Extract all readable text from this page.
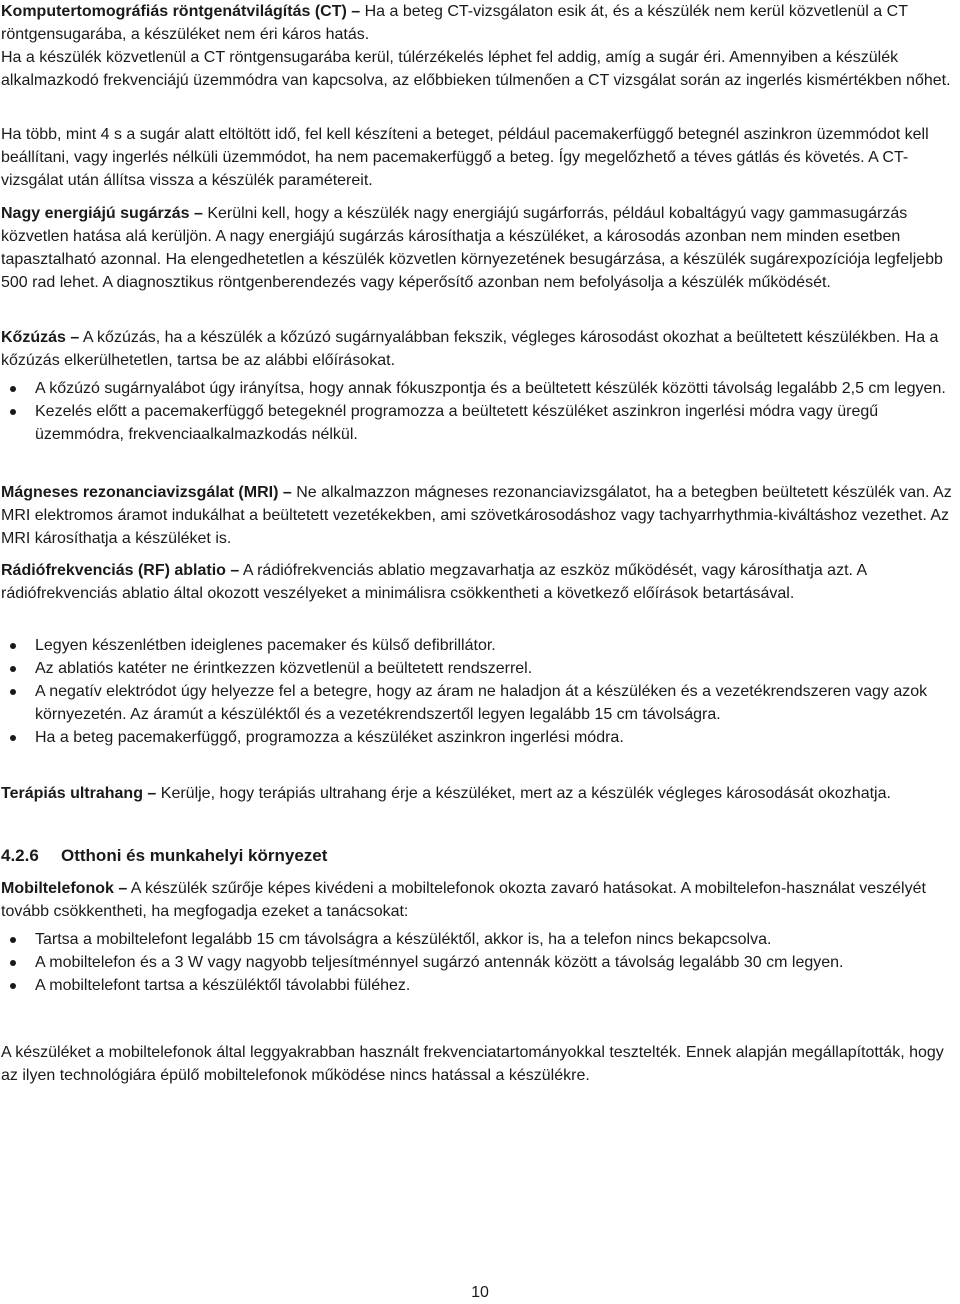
Komputertomográfiás röntgenátvilágítás (CT) – Ha a beteg CT-vizsgálaton esik át, és a készülék nem kerül közvetlenül a CT röntgensugarába, a készüléket nem éri káros hatás.

Ha a készülék közvetlenül a CT röntgensugarába kerül, túlérzékelés léphet fel addig, amíg a sugár éri. Amennyiben a készülék alkalmazkodó frekvenciájú üzemmódra van kapcsolva, az előbbieken túlmenően a CT vizsgálat során az ingerlés kismértékben nőhet.

Ha több, mint 4 s a sugár alatt eltöltött idő, fel kell készíteni a beteget, például pacemakerfüggő betegnél aszinkron üzemmódot kell beállítani, vagy ingerlés nélküli üzemmódot, ha nem pacemakerfüggő a beteg. Így megelőzhető a téves gátlás és követés. A CT-vizsgálat után állítsa vissza a készülék paramétereit.

Nagy energiájú sugárzás – Kerülni kell, hogy a készülék nagy energiájú sugárforrás, például kobaltágyú vagy gammasugárzás közvetlen hatása alá kerüljön. A nagy energiájú sugárzás károsíthatja a készüléket, a károsodás azonban nem minden esetben tapasztalható azonnal. Ha elengedhetetlen a készülék közvetlen környezetének besugárzása, a készülék sugárexpozíciója legfeljebb 500 rad lehet. A diagnosztikus röntgenberendezés vagy képerősítő azonban nem befolyásolja a készülék működését.

Kőzúzás – A kőzúzás, ha a készülék a kőzúzó sugárnyalábban fekszik, végleges károsodást okozhat a beültetett készülékben. Ha a kőzúzás elkerülhetetlen, tartsa be az alábbi előírásokat.

A kőzúzó sugárnyalábot úgy irányítsa, hogy annak fókuszpontja és a beültetett készülék közötti távolság legalább 2,5 cm legyen.
Kezelés előtt a pacemakerfüggő betegeknél programozza a beültetett készüléket aszinkron ingerlési módra vagy üregű üzemmódra, frekvenciaalkalmazkodás nélkül.

Mágneses rezonanciavizsgálat (MRI) – Ne alkalmazzon mágneses rezonanciavizsgálatot, ha a betegben beültetett készülék van. Az MRI elektromos áramot indukálhat a beültetett vezetékekben, ami szövetkárosodáshoz vagy tachyarrhythmia-kiváltáshoz vezethet. Az MRI károsíthatja a készüléket is.

Rádiófrekvenciás (RF) ablatio – A rádiófrekvenciás ablatio megzavarhatja az eszköz működését, vagy károsíthatja azt. A rádiófrekvenciás ablatio által okozott veszélyeket a minimálisra csökkentheti a következő előírások betartásával.

Legyen készenlétben ideiglenes pacemaker és külső defibrillátor.
Az ablatiós katéter ne érintkezzen közvetlenül a beültetett rendszerrel.
A negatív elektródot úgy helyezze fel a betegre, hogy az áram ne haladjon át a készüléken és a vezetékrendszeren vagy azok környezetén. Az áramút a készüléktől és a vezetékrendszertől legyen legalább 15 cm távolságra.
Ha a beteg pacemakerfüggő, programozza a készüléket aszinkron ingerlési módra.

Terápiás ultrahang – Kerülje, hogy terápiás ultrahang érje a készüléket, mert az a készülék végleges károsodását okozhatja.

4.2.6 Otthoni és munkahelyi környezet

Mobiltelefonok – A készülék szűrője képes kivédeni a mobiltelefonok okozta zavaró hatásokat. A mobiltelefon-használat veszélyét tovább csökkentheti, ha megfogadja ezeket a tanácsokat:

Tartsa a mobiltelefont legalább 15 cm távolságra a készüléktől, akkor is, ha a telefon nincs bekapcsolva.
A mobiltelefon és a 3 W vagy nagyobb teljesítménnyel sugárzó antennák között a távolság legalább 30 cm legyen.
A mobiltelefont tartsa a készüléktől távolabbi füléhez.

A készüléket a mobiltelefonok által leggyakrabban használt frekvenciatartományokkal tesztelték. Ennek alapján megállapították, hogy az ilyen technológiára épülő mobiltelefonok működése nincs hatással a készülékre.

10
